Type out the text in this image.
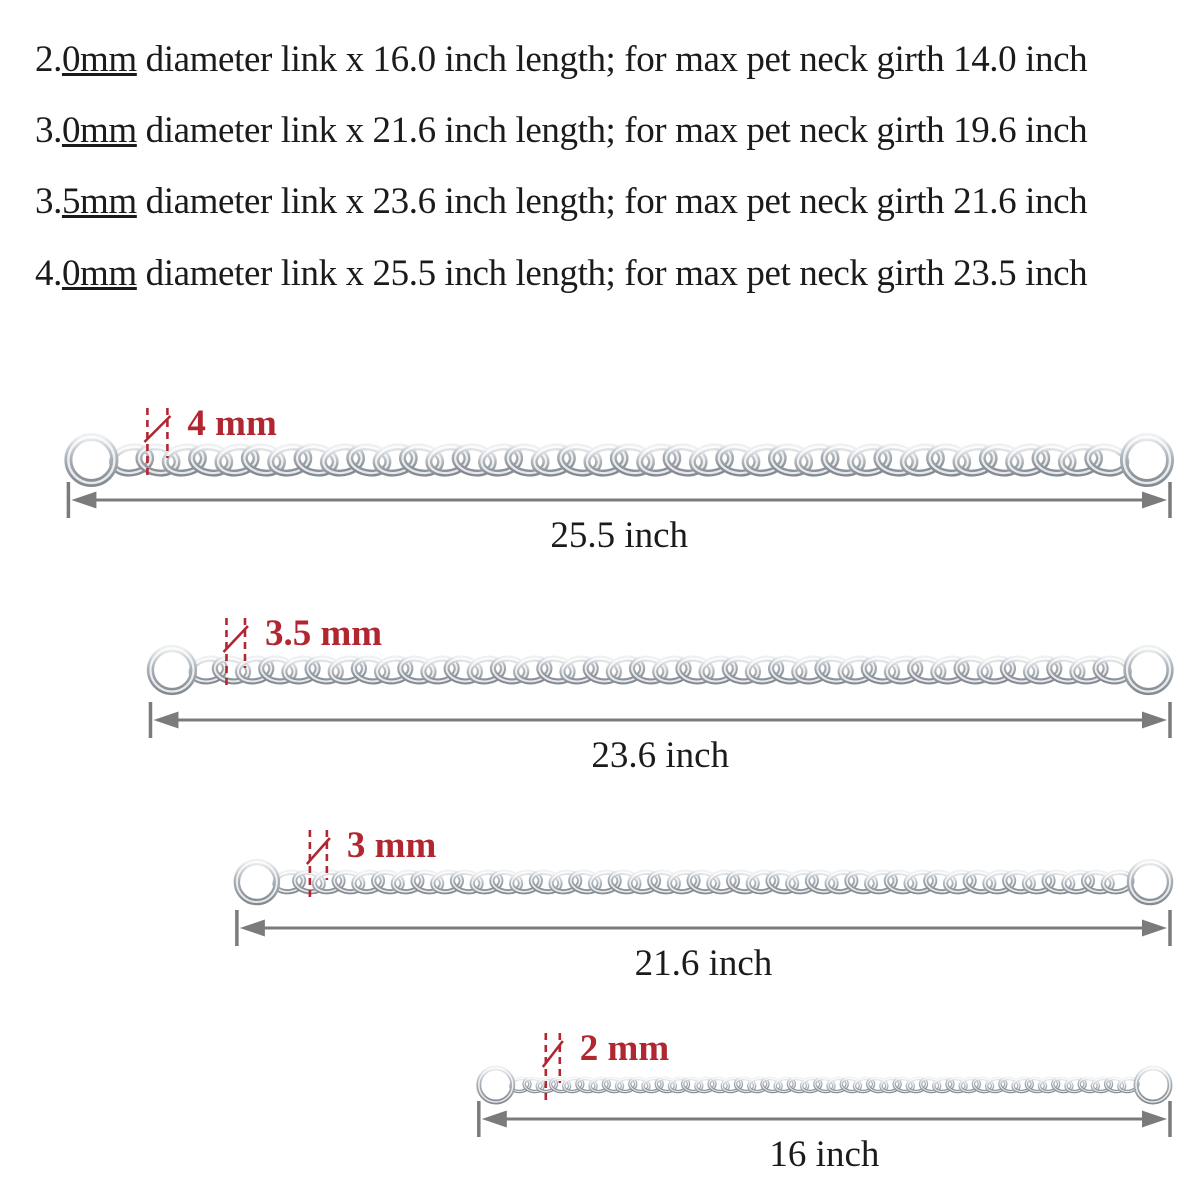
2.0mm diameter link x 16.0 inch length; for max pet neck girth 14.0 inch
3.0mm diameter link x 21.6 inch length; for max pet neck girth 19.6 inch
3.5mm diameter link x 23.6 inch length; for max pet neck girth 21.6 inch
4.0mm diameter link x 25.5 inch length; for max pet neck girth 23.5 inch
4 mm
25.5 inch
3.5 mm
23.6 inch
3 mm
21.6 inch
2 mm
16 inch
